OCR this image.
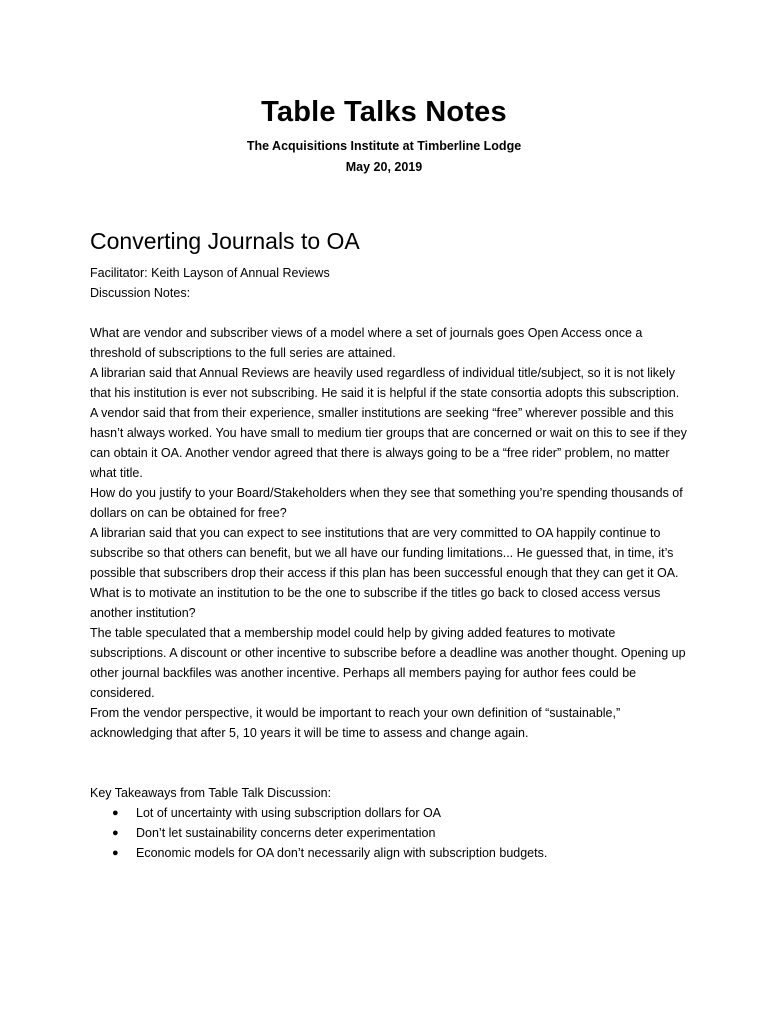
Table Talks Notes
The Acquisitions Institute at Timberline Lodge
May 20, 2019
Converting Journals to OA

Facilitator: Keith Layson of Annual Reviews

Discussion Notes:

What are vendor and subscriber views of a model where a set of journals goes Open Access once a threshold of subscriptions to the full series are attained.

A librarian said that Annual Reviews are heavily used regardless of individual title/subject, so it is not likely that his institution is ever not subscribing. He said it is helpful if the state consortia adopts this subscription.

A vendor said that from their experience, smaller institutions are seeking “free” wherever possible and this hasn’t always worked. You have small to medium tier groups that are concerned or wait on this to see if they can obtain it OA. Another vendor agreed that there is always going to be a “free rider” problem, no matter what title.

How do you justify to your Board/Stakeholders when they see that something you’re spending thousands of dollars on can be obtained for free?

A librarian said that you can expect to see institutions that are very committed to OA happily continue to subscribe so that others can benefit, but we all have our funding limitations... He guessed that, in time, it’s possible that subscribers drop their access if this plan has been successful enough that they can get it OA. What is to motivate an institution to be the one to subscribe if the titles go back to closed access versus another institution?

The table speculated that a membership model could help by giving added features to motivate subscriptions. A discount or other incentive to subscribe before a deadline was another thought. Opening up other journal backfiles was another incentive. Perhaps all members paying for author fees could be considered.

From the vendor perspective, it would be important to reach your own definition of “sustainable,” acknowledging that after 5, 10 years it will be time to assess and change again.

Key Takeaways from Table Talk Discussion:
● Lot of uncertainty with using subscription dollars for OA
● Don’t let sustainability concerns deter experimentation
● Economic models for OA don’t necessarily align with subscription budgets.
